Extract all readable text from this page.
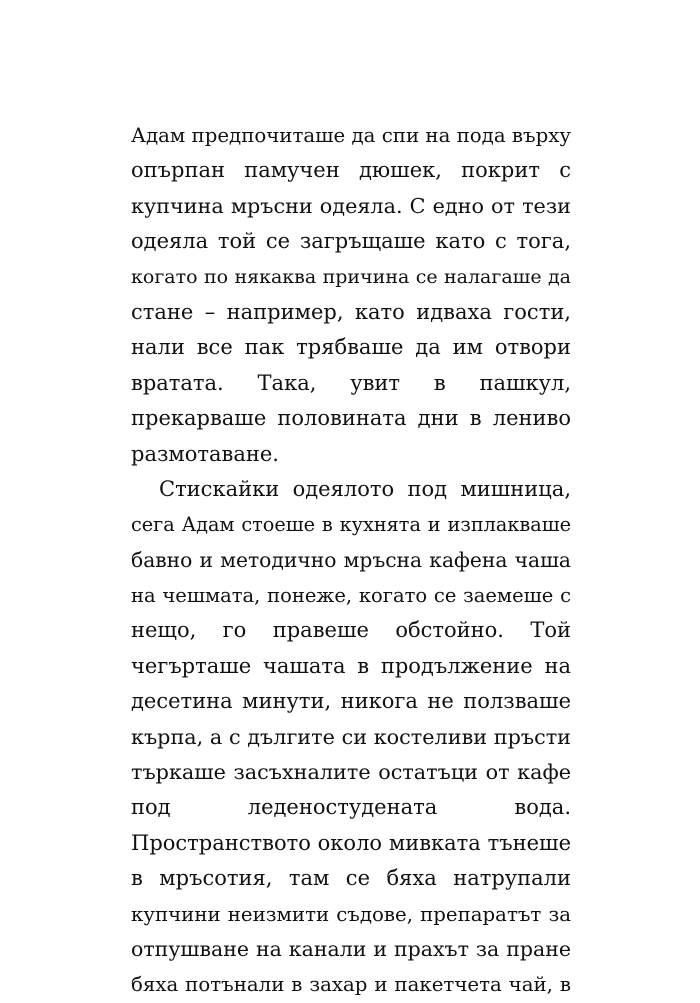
Адам предпочиташе да спи на пода върху
опърпан памучен дюшек, покрит с
купчина мръсни одеяла. С едно от тези
одеяла той се загръщаше като с тога,
когато по някаква причина се налагаше да
стане – например, като идваха гости,
нали все пак трябваше да им отвори
вратата. Така, увит в пашкул,
прекарваше половината дни в лениво
размотаване.
Стискайки одеялото под мишница,
сега Адам стоеше в кухнята и изплакваше
бавно и методично мръсна кафена чаша
на чешмата, понеже, когато се заемеше с
нещо, го правеше обстойно. Той
чегърташе чашата в продължение на
десетина минути, никога не ползваше
кърпа, а с дългите си костеливи пръсти
търкаше засъхналите остатъци от кафе
под леденостудената вода.
Пространството около мивката тънеше
в мръсотия, там се бяха натрупали
купчини неизмити съдове, препаратът за
отпушване на канали и прахът за пране
бяха потънали в захар и пакетчета чай, в
